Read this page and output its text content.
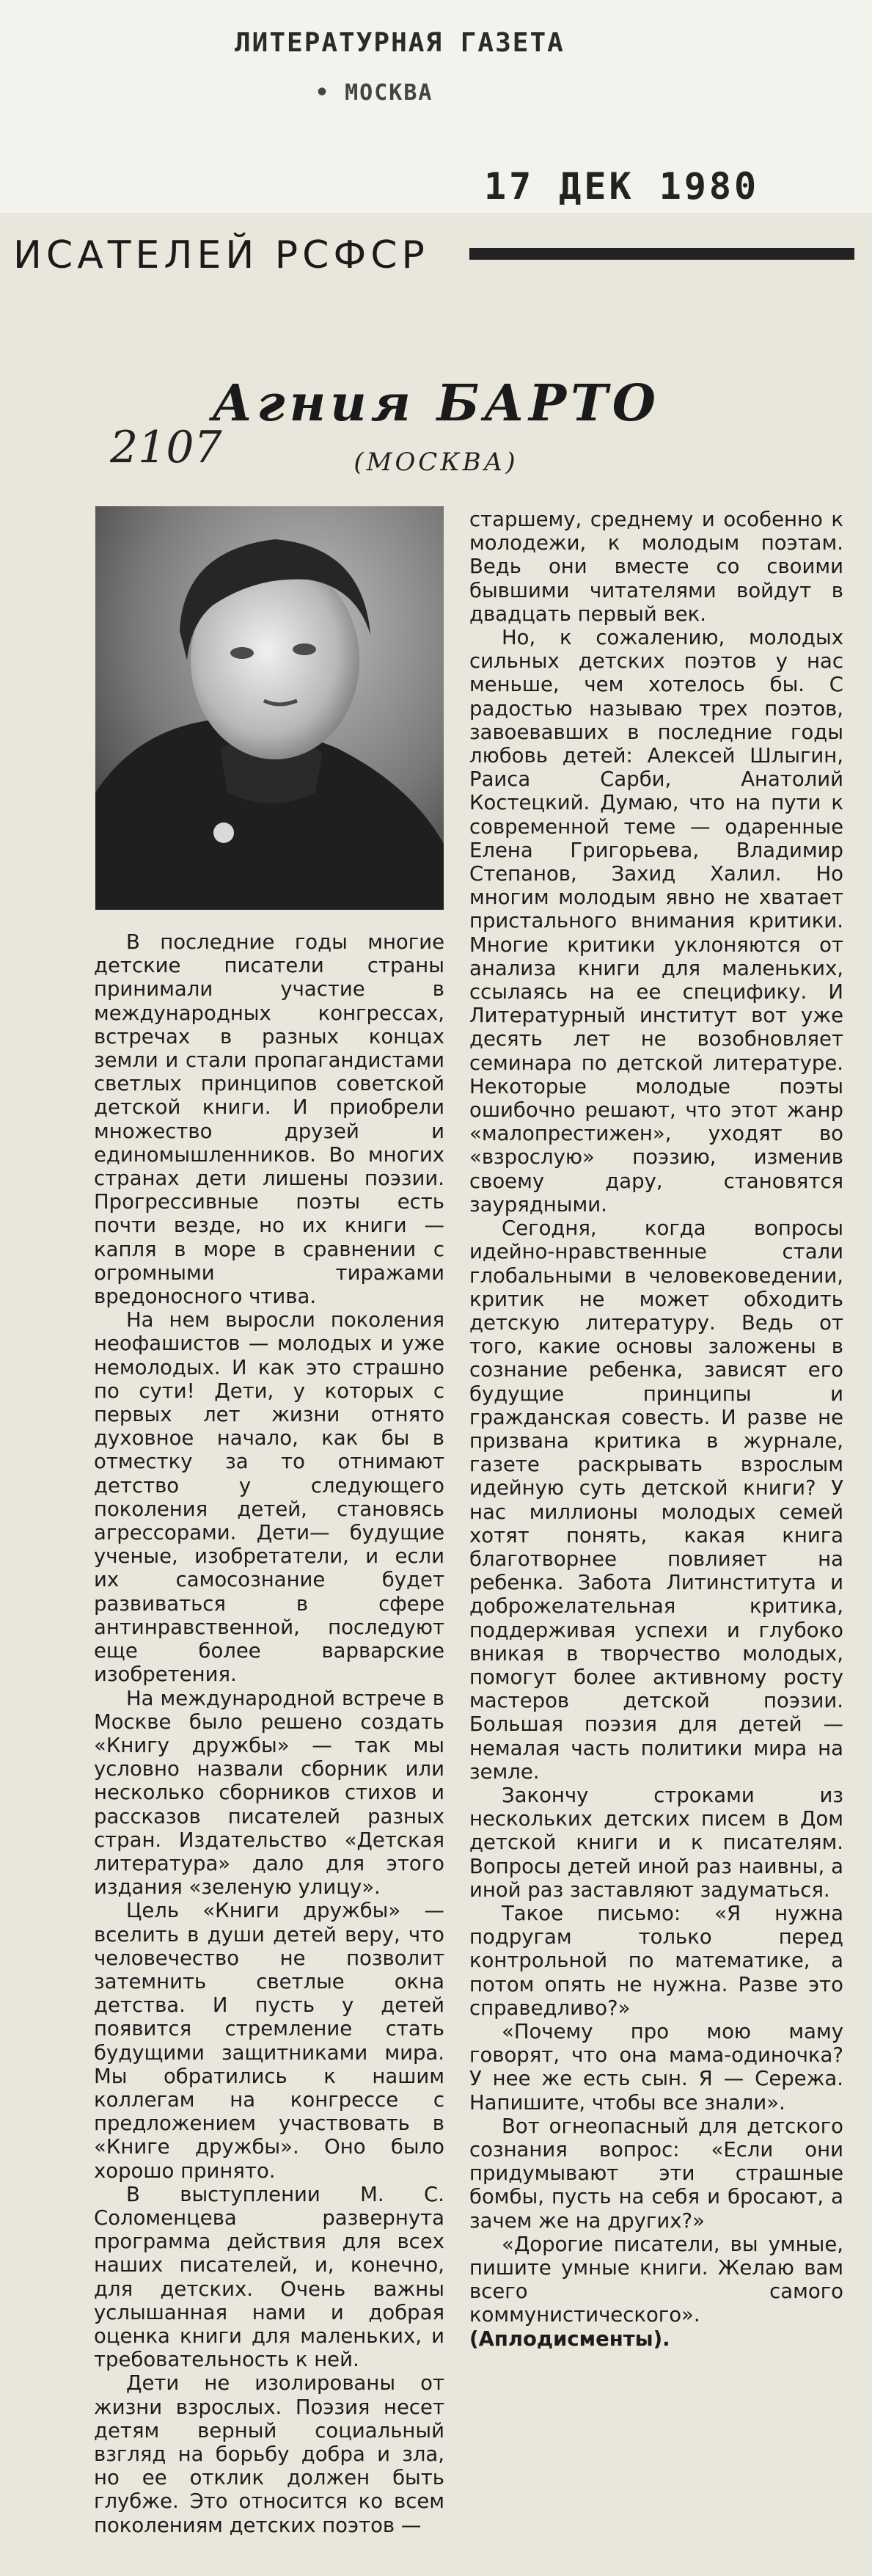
ЛИТЕРАТУРНАЯ ГАЗЕТА
• МОСКВА
17 ДЕК 1980
ИСАТЕЛЕЙ РСФСР
2107
Агния БАРТО
(МОСКВА)

В последние годы многие детские писатели страны принимали участие в международных конгрессах, встречах в разных концах земли и стали пропагандистами светлых принципов советской детской книги. И приобрели множество друзей и единомышленников. Во многих странах дети лишены поэзии. Прогрессивные поэты есть почти везде, но их книги — капля в море в сравнении с огромными тиражами вредоносного чтива.

На нем выросли поколения неофашистов — молодых и уже немолодых. И как это страшно по сути! Дети, у которых с первых лет жизни отнято духовное начало, как бы в отместку за то отнимают детство у следующего поколения детей, становясь агрессорами. Дети— будущие ученые, изобретатели, и если их самосознание будет развиваться в сфере антинравственной, последуют еще более варварские изобретения.

На международной встрече в Москве было решено создать «Книгу дружбы» — так мы условно назвали сборник или несколько сборников стихов и рассказов писателей разных стран. Издательство «Детская литература» дало для этого издания «зеленую улицу».

Цель «Книги дружбы» — вселить в души детей веру, что человечество не позволит затемнить светлые окна детства. И пусть у детей появится стремление стать будущими защитниками мира. Мы обратились к нашим коллегам на конгрессе с предложением участвовать в «Книге дружбы». Оно было хорошо принято.

В выступлении М. С. Соломенцева развернута программа действия для всех наших писателей, и, конечно, для детских. Очень важны услышанная нами и добрая оценка книги для маленьких, и требовательность к ней.

Дети не изолированы от жизни взрослых. Поэзия несет детям верный социальный взгляд на борьбу добра и зла, но ее отклик должен быть глубже. Это относится ко всем поколениям детских поэтов —

старшему, среднему и особенно к молодежи, к молодым поэтам. Ведь они вместе со своими бывшими читателями войдут в двадцать первый век.

Но, к сожалению, молодых сильных детских поэтов у нас меньше, чем хотелось бы. С радостью называю трех поэтов, завоевавших в последние годы любовь детей: Алексей Шлыгин, Раиса Сарби, Анатолий Костецкий. Думаю, что на пути к современной теме — одаренные Елена Григорьева, Владимир Степанов, Захид Халил. Но многим молодым явно не хватает пристального внимания критики. Многие критики уклоняются от анализа книги для маленьких, ссылаясь на ее специфику. И Литературный институт вот уже десять лет не возобновляет семинара по детской литературе. Некоторые молодые поэты ошибочно решают, что этот жанр «малопрестижен», уходят во «взрослую» поэзию, изменив своему дару, становятся заурядными.

Сегодня, когда вопросы идейно-нравственные стали глобальными в человековедении, критик не может обходить детскую литературу. Ведь от того, какие основы заложены в сознание ребенка, зависят его будущие принципы и гражданская совесть. И разве не призвана критика в журнале, газете раскрывать взрослым идейную суть детской книги? У нас миллионы молодых семей хотят понять, какая книга благотворнее повлияет на ребенка. Забота Литинститута и доброжелательная критика, поддерживая успехи и глубоко вникая в творчество молодых, помогут более активному росту мастеров детской поэзии. Большая поэзия для детей — немалая часть политики мира на земле.

Закончу строками из нескольких детских писем в Дом детской книги и к писателям. Вопросы детей иной раз наивны, а иной раз заставляют задуматься.

Такое письмо: «Я нужна подругам только перед контрольной по математике, а потом опять не нужна. Разве это справедливо?»

«Почему про мою маму говорят, что она мама-одиночка? У нее же есть сын. Я — Сережа. Напишите, чтобы все знали».

Вот огнеопасный для детского сознания вопрос: «Если они придумывают эти страшные бомбы, пусть на себя и бросают, а зачем же на других?»

«Дорогие писатели, вы умные, пишите умные книги. Желаю вам всего самого коммунистического». (Аплодисменты).
